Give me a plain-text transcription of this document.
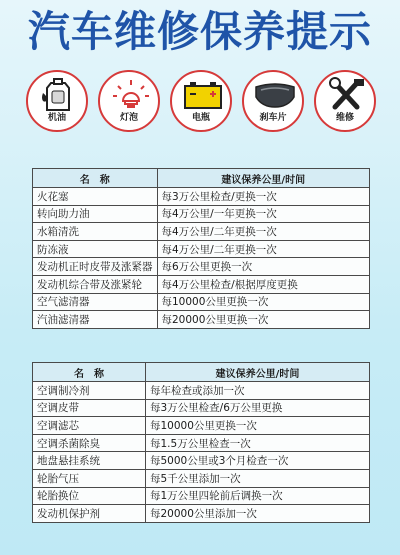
汽车维修保养提示
机油	灯泡	电瓶	刹车片	维修
名　称	建议保养公里/时间
火花塞	每3万公里检查/更换一次
转向助力油	每4万公里/一年更换一次
水箱清洗	每4万公里/二年更换一次
防冻液	每4万公里/二年更换一次
发动机正时皮带及涨紧器	每6万公里更换一次
发动机综合带及涨紧轮	每4万公里检查/根据厚度更换
空气滤清器	每10000公里更换一次
汽油滤清器	每20000公里更换一次
名　称	建议保养公里/时间
空调制冷剂	每年检查或添加一次
空调皮带	每3万公里检查/6万公里更换
空调滤芯	每10000公里更换一次
空调杀菌除臭	每1.5万公里检查一次
地盘悬挂系统	每5000公里或3个月检查一次
轮胎气压	每5千公里添加一次
轮胎换位	每1万公里四轮前后调换一次
发动机保护剂	每20000公里添加一次
